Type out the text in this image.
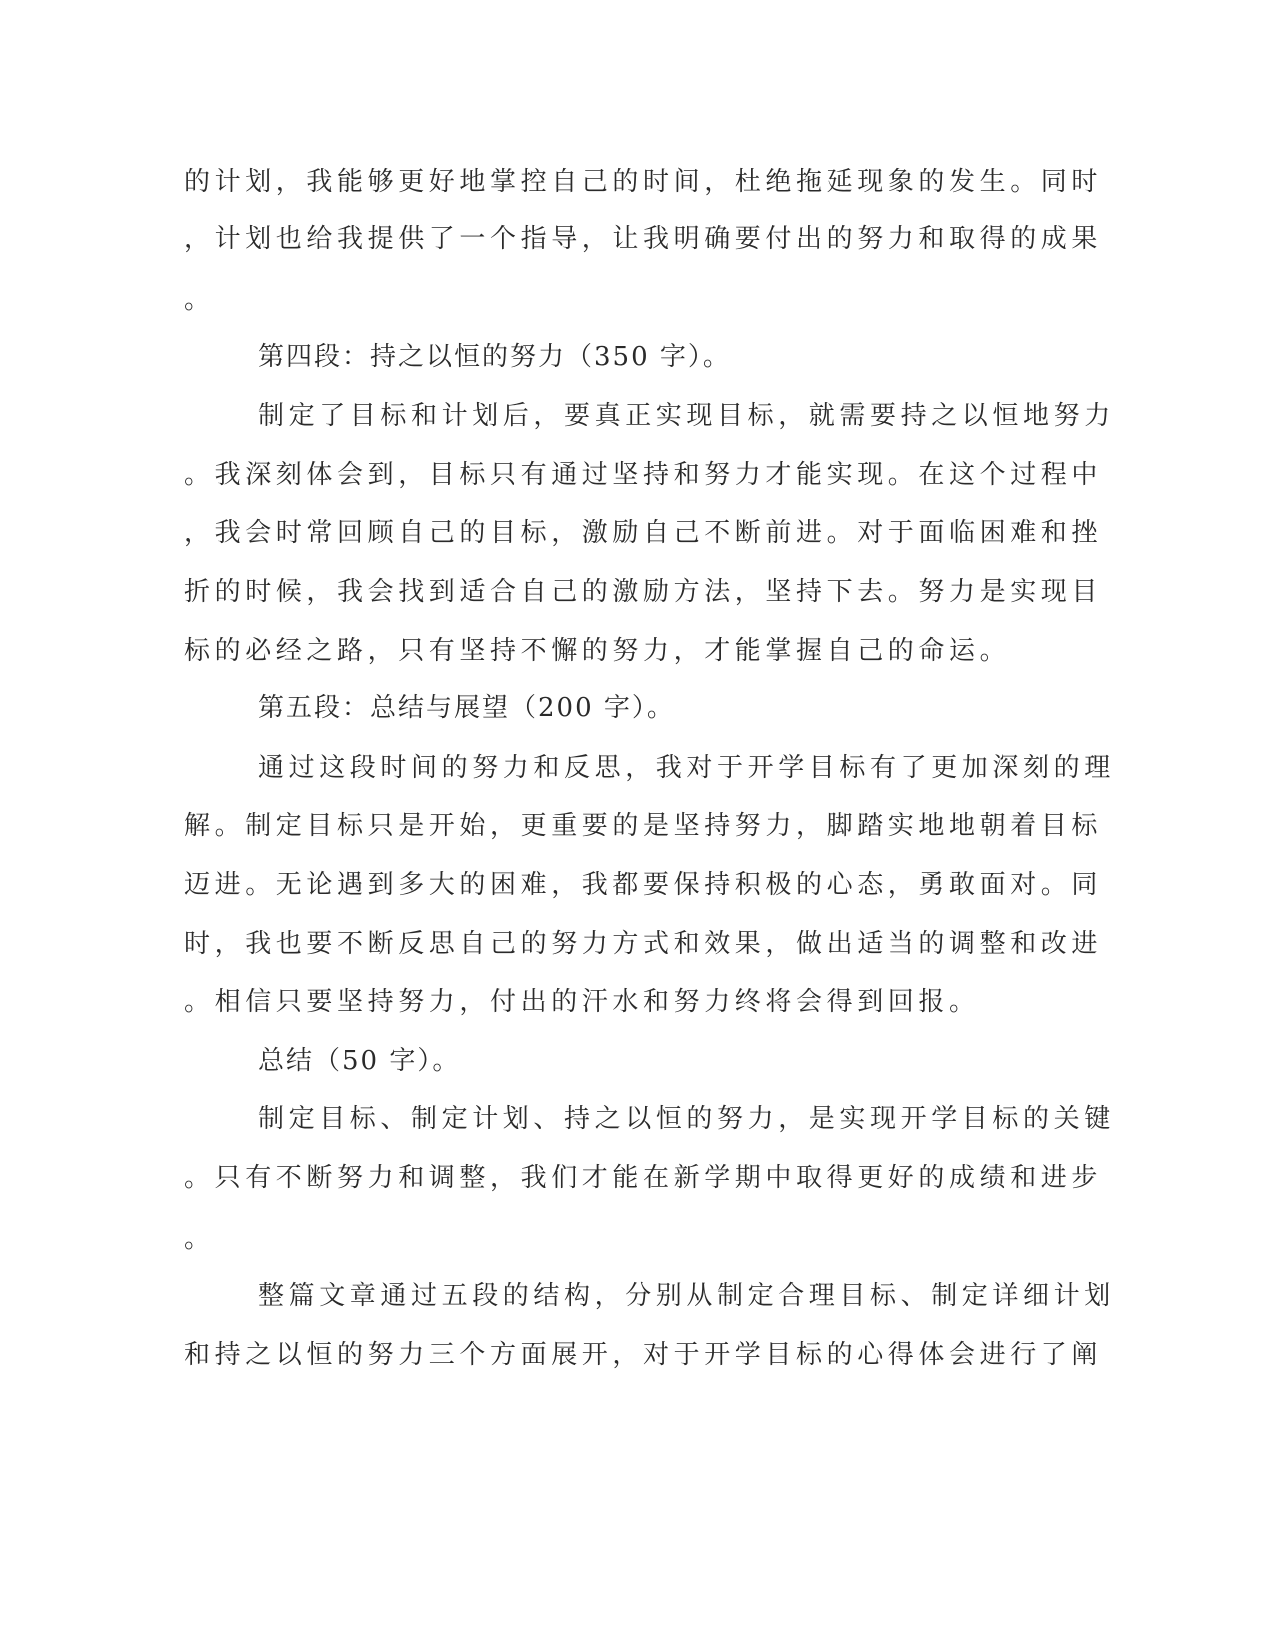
的计划，我能够更好地掌控自己的时间，杜绝拖延现象的发生。同时
，计划也给我提供了一个指导，让我明确要付出的努力和取得的成果
。
第四段：持之以恒的努力（350 字）。
制定了目标和计划后，要真正实现目标，就需要持之以恒地努力
。我深刻体会到，目标只有通过坚持和努力才能实现。在这个过程中
，我会时常回顾自己的目标，激励自己不断前进。对于面临困难和挫
折的时候，我会找到适合自己的激励方法，坚持下去。努力是实现目
标的必经之路，只有坚持不懈的努力，才能掌握自己的命运。
第五段：总结与展望（200 字）。
通过这段时间的努力和反思，我对于开学目标有了更加深刻的理
解。制定目标只是开始，更重要的是坚持努力，脚踏实地地朝着目标
迈进。无论遇到多大的困难，我都要保持积极的心态，勇敢面对。同
时，我也要不断反思自己的努力方式和效果，做出适当的调整和改进
。相信只要坚持努力，付出的汗水和努力终将会得到回报。
总结（50 字）。
制定目标、制定计划、持之以恒的努力，是实现开学目标的关键
。只有不断努力和调整，我们才能在新学期中取得更好的成绩和进步
。
整篇文章通过五段的结构，分别从制定合理目标、制定详细计划
和持之以恒的努力三个方面展开，对于开学目标的心得体会进行了阐
